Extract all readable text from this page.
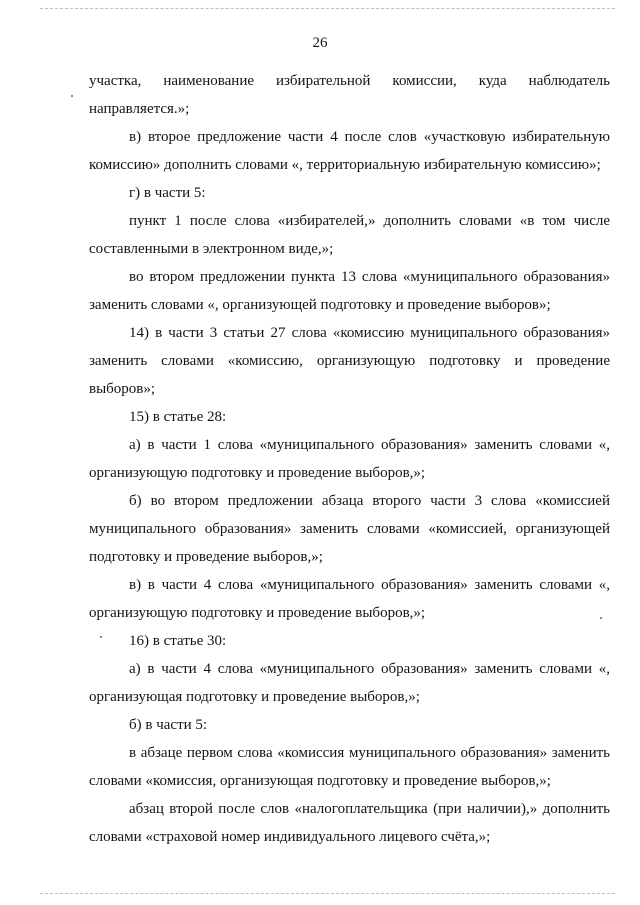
26

участка, наименование избирательной комиссии, куда наблюдатель направляется.»;

в) второе предложение части 4 после слов «участковую избирательную комиссию» дополнить словами «, территориальную избирательную комиссию»;

г) в части 5:

пункт 1 после слова «избирателей,» дополнить словами «в том числе составленными в электронном виде,»;

во втором предложении пункта 13 слова «муниципального образования» заменить словами «, организующей подготовку и проведение выборов»;

14) в части 3 статьи 27 слова «комиссию муниципального образования» заменить словами «комиссию, организующую подготовку и проведение выборов»;

15) в статье 28:

а) в части 1 слова «муниципального образования» заменить словами «, организующую подготовку и проведение выборов,»;

б) во втором предложении абзаца второго части 3 слова «комиссией муниципального образования» заменить словами «комиссией, организующей подготовку и проведение выборов,»;

в) в части 4 слова «муниципального образования» заменить словами «, организующую подготовку и проведение выборов,»;

16) в статье 30:

а) в части 4 слова «муниципального образования» заменить словами «, организующая подготовку и проведение выборов,»;

б) в части 5:

в абзаце первом слова «комиссия муниципального образования» заменить словами «комиссия, организующая подготовку и проведение выборов,»;

абзац второй после слов «налогоплательщика (при наличии),» дополнить словами «страховой номер индивидуального лицевого счёта,»;
